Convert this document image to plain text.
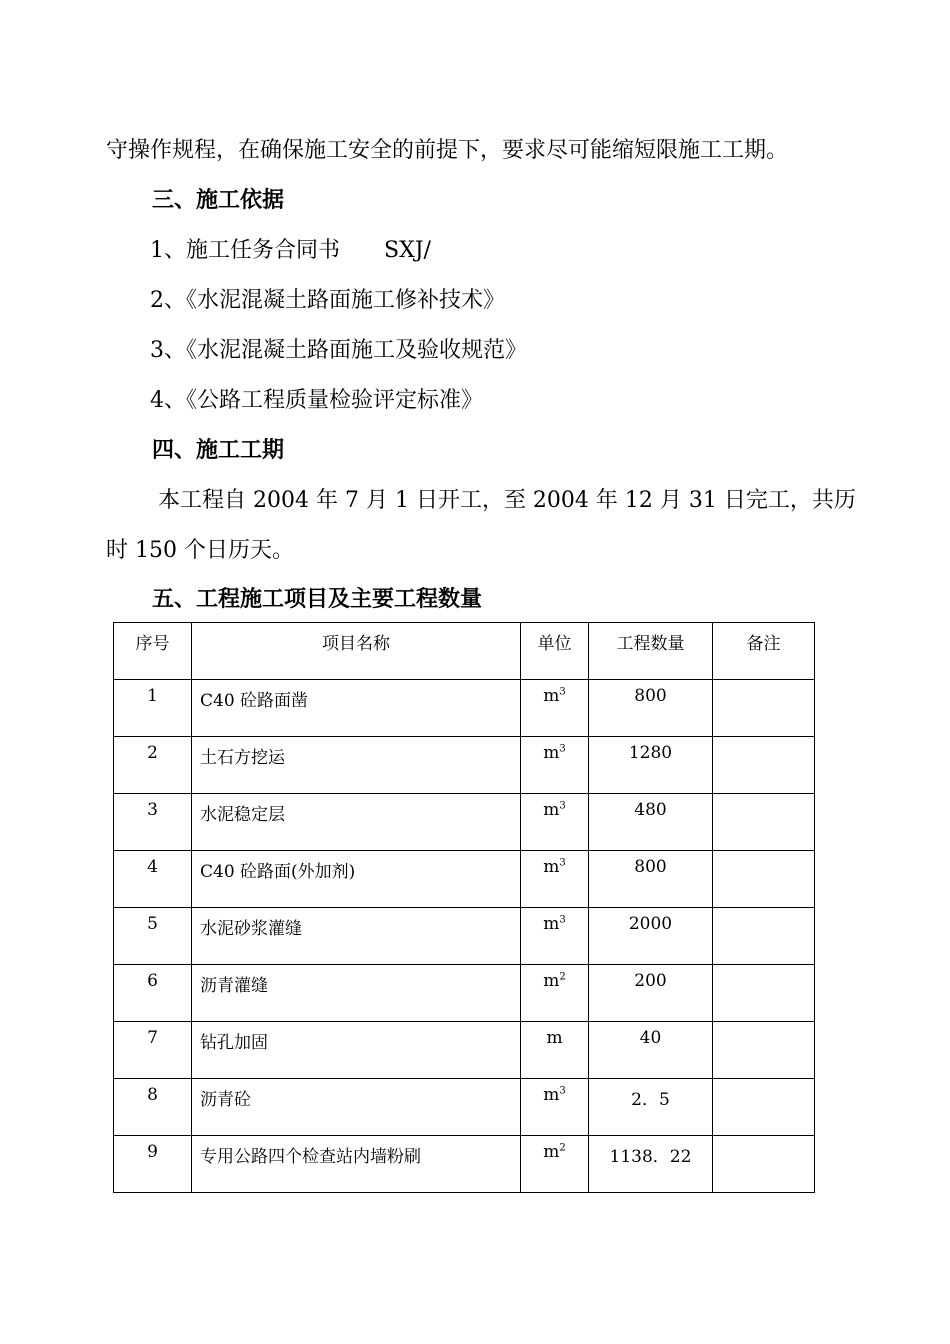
守操作规程，在确保施工安全的前提下，要求尽可能缩短限施工工期。
三、施工依据
1、施工任务合同书　　SXJ/
2、《水泥混凝土路面施工修补技术》
3、《水泥混凝土路面施工及验收规范》
4、《公路工程质量检验评定标准》
四、施工工期
本工程自 2004 年 7 月 1 日开工，至 2004 年 12 月 31 日完工，共历
时 150 个日历天。
五、工程施工项目及主要工程数量
序号	项目名称	单位	工程数量	备注
1	C40 砼路面凿	$m^3$	800	
2	土石方挖运	$m^3$	1280	
3	水泥稳定层	$m^3$	480	
4	C40 砼路面(外加剂)	$m^3$	800	
5	水泥砂浆灌缝	$m^3$	2000	
6	沥青灌缝	$m^2$	200	
7	钻孔加固	m	40	
8	沥青砼	$m^3$	2．5	
9	专用公路四个检查站内墙粉刷	$m^2$	1138．22	
